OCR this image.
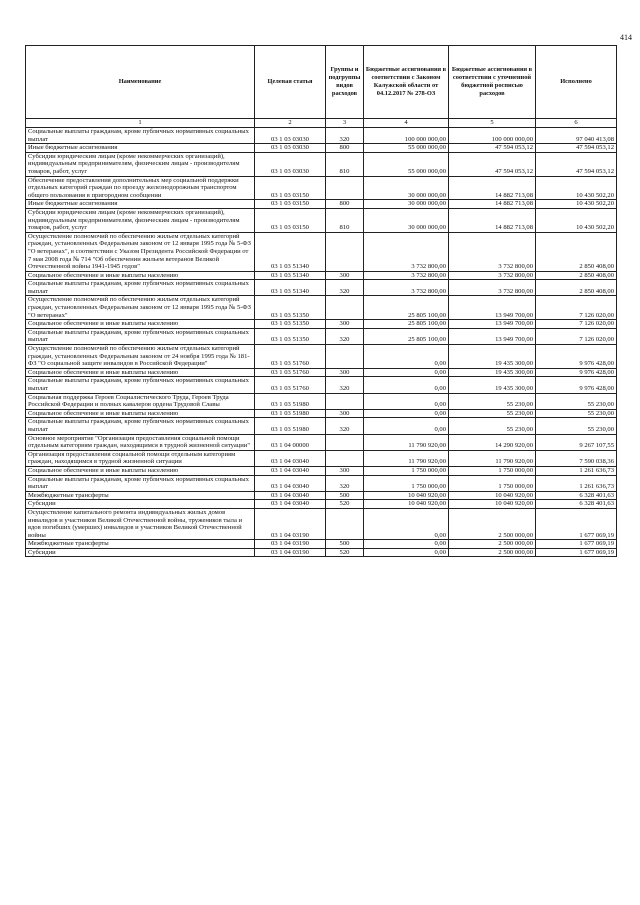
414
Наименование	Целевая статья	Группы и подгруппы видов расходов	Бюджетные ассигнования в соответствии с Законом Калужской области от 04.12.2017 № 278-ОЗ	Бюджетные ассигнования в соответствии с уточненной бюджетной росписью расходов	Исполнено
1	2	3	4	5	6
Социальные выплаты гражданам, кроме публичных нормативных социальных выплат	03 1 03 03030	320	100 000 000,00	100 000 000,00	97 040 413,08
Иные бюджетные ассигнования	03 1 03 03030	800	55 000 000,00	47 594 053,12	47 594 053,12
Субсидии юридическим лицам (кроме некоммерческих организаций), индивидуальным предпринимателям, физическим лицам - производителям товаров, работ, услуг	03 1 03 03030	810	55 000 000,00	47 594 053,12	47 594 053,12
Обеспечение предоставления дополнительных мер социальной поддержки отдельных категорий граждан по проезду железнодорожным транспортом общего пользования в пригородном сообщении	03 1 03 03150		30 000 000,00	14 882 713,08	10 430 502,20
Иные бюджетные ассигнования	03 1 03 03150	800	30 000 000,00	14 882 713,08	10 430 502,20
Субсидии юридическим лицам (кроме некоммерческих организаций), индивидуальным предпринимателям, физическим лицам - производителям товаров, работ, услуг	03 1 03 03150	810	30 000 000,00	14 882 713,08	10 430 502,20
Осуществление полномочий по обеспечению жильем отдельных категорий граждан, установленных Федеральным законом от 12 января 1995 года № 5-ФЗ "О ветеранах", в соответствии с Указом Президента Российской Федерации от 7 мая 2008 года № 714 "Об обеспечении жильем ветеранов Великой Отечественной войны 1941-1945 годов"	03 1 03 51340		3 732 800,00	3 732 800,00	2 850 408,00
Социальное обеспечение и иные выплаты населению	03 1 03 51340	300	3 732 800,00	3 732 800,00	2 850 408,00
Социальные выплаты гражданам, кроме публичных нормативных социальных выплат	03 1 03 51340	320	3 732 800,00	3 732 800,00	2 850 408,00
Осуществление полномочий по обеспечению жильем отдельных категорий граждан, установленных Федеральным законом от 12 января 1995 года № 5-ФЗ "О ветеранах"	03 1 03 51350		25 805 100,00	13 949 700,00	7 126 020,00
Социальное обеспечение и иные выплаты населению	03 1 03 51350	300	25 805 100,00	13 949 700,00	7 126 020,00
Социальные выплаты гражданам, кроме публичных нормативных социальных выплат	03 1 03 51350	320	25 805 100,00	13 949 700,00	7 126 020,00
Осуществление полномочий по обеспечению жильем отдельных категорий граждан, установленных Федеральным законом от 24 ноября 1995 года № 181-ФЗ "О социальной защите инвалидов в Российской Федерации"	03 1 03 51760		0,00	19 435 300,00	9 976 428,00
Социальное обеспечение и иные выплаты населению	03 1 03 51760	300	0,00	19 435 300,00	9 976 428,00
Социальные выплаты гражданам, кроме публичных нормативных социальных выплат	03 1 03 51760	320	0,00	19 435 300,00	9 976 428,00
Социальная поддержка Героев Социалистического Труда, Героев Труда Российской Федерации и полных кавалеров ордена Трудовой Славы	03 1 03 51980		0,00	55 230,00	55 230,00
Социальное обеспечение и иные выплаты населению	03 1 03 51980	300	0,00	55 230,00	55 230,00
Социальные выплаты гражданам, кроме публичных нормативных социальных выплат	03 1 03 51980	320	0,00	55 230,00	55 230,00
Основное мероприятие "Организация предоставления социальной помощи отдельным категориям граждан, находящимся в трудной жизненной ситуации"	03 1 04 00000		11 790 920,00	14 290 920,00	9 267 107,55
Организация предоставления социальной помощи отдельным категориям граждан, находящимся в трудной жизненной ситуации	03 1 04 03040		11 790 920,00	11 790 920,00	7 590 038,36
Социальное обеспечение и иные выплаты населению	03 1 04 03040	300	1 750 000,00	1 750 000,00	1 261 636,73
Социальные выплаты гражданам, кроме публичных нормативных социальных выплат	03 1 04 03040	320	1 750 000,00	1 750 000,00	1 261 636,73
Межбюджетные трансферты	03 1 04 03040	500	10 040 920,00	10 040 920,00	6 328 401,63
Субсидии	03 1 04 03040	520	10 040 920,00	10 040 920,00	6 328 401,63
Осуществление капитального ремонта индивидуальных жилых домов инвалидов и участников Великой Отечественной войны, тружеников тыла и вдов погибших (умерших) инвалидов и участников Великой Отечественной войны	03 1 04 03190		0,00	2 500 000,00	1 677 069,19
Межбюджетные трансферты	03 1 04 03190	500	0,00	2 500 000,00	1 677 069,19
Субсидии	03 1 04 03190	520	0,00	2 500 000,00	1 677 069,19
